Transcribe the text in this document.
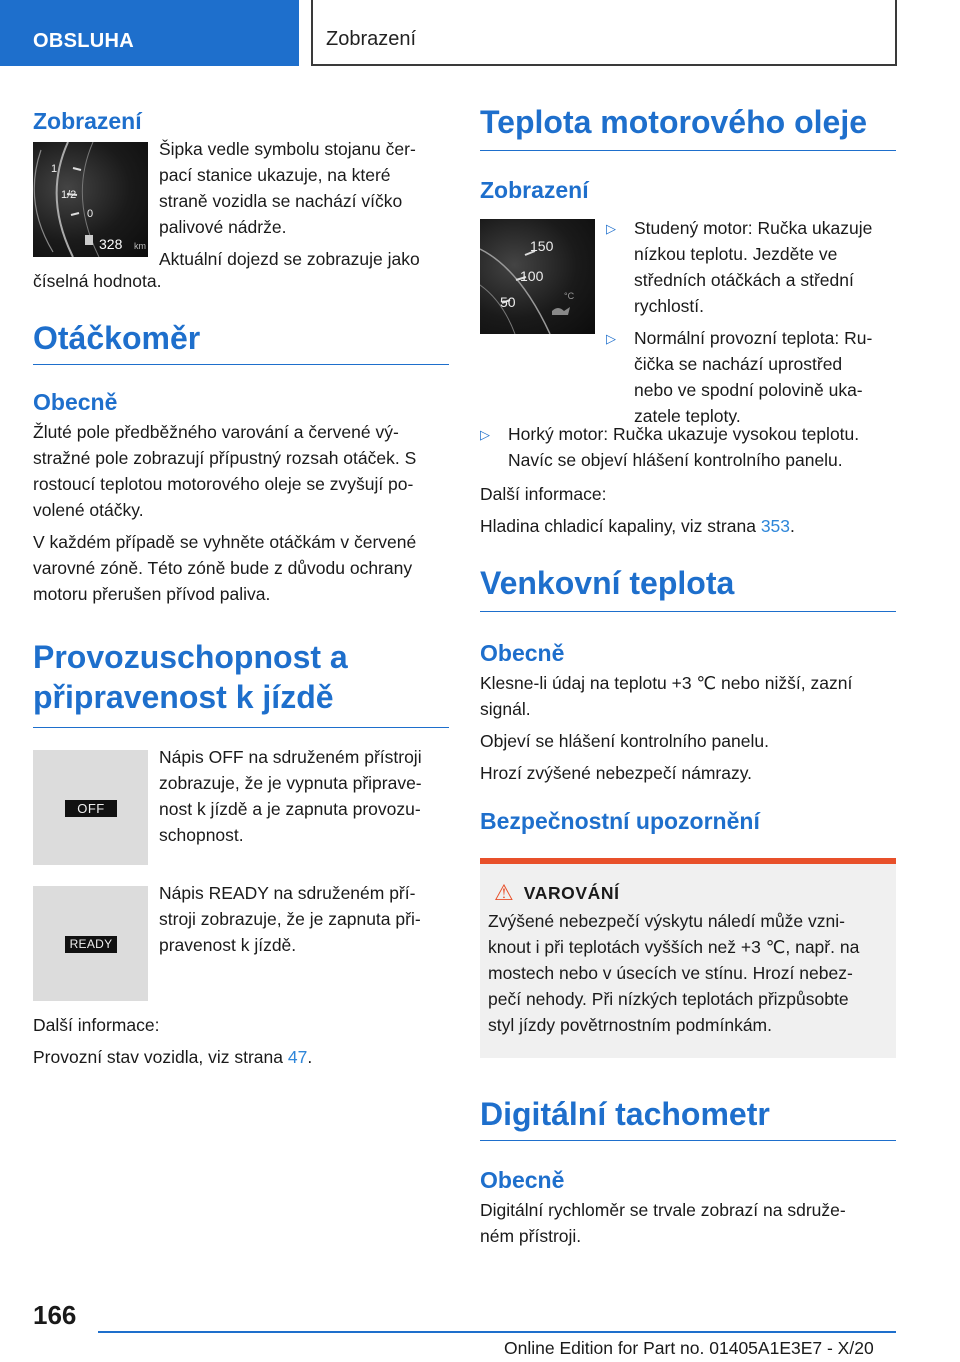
OBSLUHA	Zobrazení
Zobrazení
1
1/2
0
328 km
Šipka vedle symbolu stojanu čer-
pací stanice ukazuje, na které
straně vozidla se nachází víčko
palivové nádrže.
Aktuální dojezd se zobrazuje jako
číselná hodnota.
Otáčkoměr
Obecně
Žluté pole předběžného varování a červené vý-
stražné pole zobrazují přípustný rozsah otáček. S
rostoucí teplotou motorového oleje se zvyšují po-
volené otáčky.
V každém případě se vyhněte otáčkám v červené
varovné zóně. Této zóně bude z důvodu ochrany
motoru přerušen přívod paliva.
Provozuschopnost a
připravenost k jízdě
OFF
Nápis OFF na sdruženém přístroji
zobrazuje, že je vypnuta připrave-
nost k jízdě a je zapnuta provozu-
schopnost.
READY
Nápis READY na sdruženém pří-
stroji zobrazuje, že je zapnuta při-
pravenost k jízdě.
Další informace:
Provozní stav vozidla, viz strana 47.
Teplota motorového oleje
Zobrazení
150
100
50	°C
▷ Studený motor: Ručka ukazuje
nízkou teplotu. Jezděte ve
středních otáčkách a střední
rychlostí.
▷ Normální provozní teplota: Ru-
čička se nachází uprostřed
nebo ve spodní polovině uka-
zatele teploty.
▷ Horký motor: Ručka ukazuje vysokou teplotu.
Navíc se objeví hlášení kontrolního panelu.
Další informace:
Hladina chladicí kapaliny, viz strana 353.
Venkovní teplota
Obecně
Klesne-li údaj na teplotu +3 ℃ nebo nižší, zazní
signál.
Objeví se hlášení kontrolního panelu.
Hrozí zvýšené nebezpečí námrazy.
Bezpečnostní upozornění
⚠ VAROVÁNÍ
Zvýšené nebezpečí výskytu náledí může vzni-
knout i při teplotách vyšších než +3 ℃, např. na
mostech nebo v úsecích ve stínu. Hrozí nebez-
pečí nehody. Při nízkých teplotách přizpůsobte
styl jízdy povětrnostním podmínkám.
Digitální tachometr
Obecně
Digitální rychloměr se trvale zobrazí na sdruže-
ném přístroji.
166
Online Edition for Part no. 01405A1E3E7 - X/20
